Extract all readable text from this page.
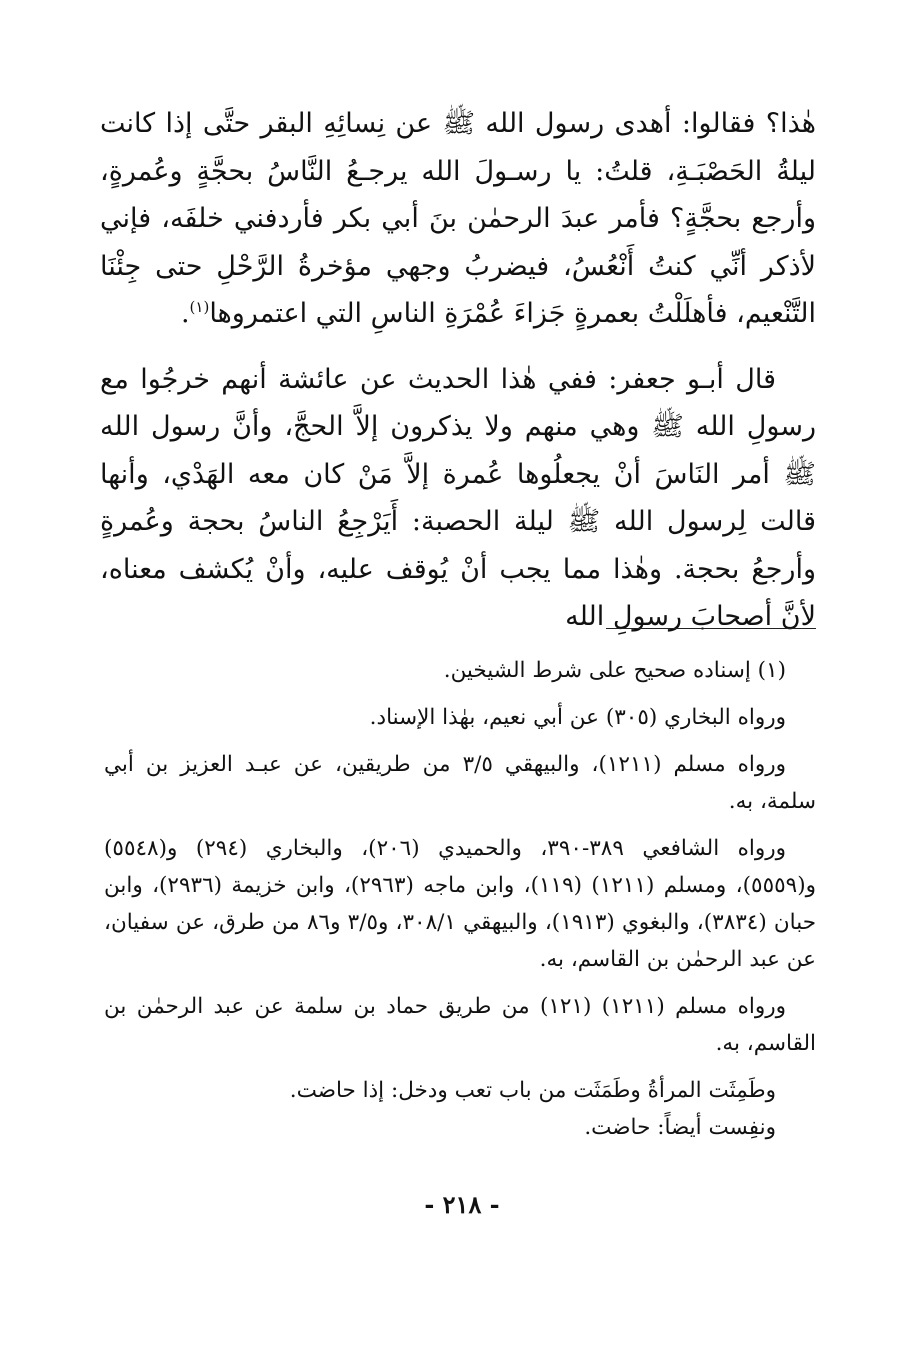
هٰذا؟ فقالوا: أهدى رسول الله ﷺ عن نِسائِهِ البقر حتَّى إذا كانت ليلةُ الحَصْبَـةِ، قلتُ: يا رسـولَ الله يرجـعُ النَّاسُ بحجَّةٍ وعُمرةٍ، وأرجع بحجَّةٍ؟ فأمر عبدَ الرحمٰن بنَ أبي بكر فأردفني خلفَه، فإني لأذكر أنِّي كنتُ أَنْعُسُ، فيضربُ وجهي مؤخرةُ الرَّحْلِ حتى جِئْنَا التَّنْعيم، فأهلَلْتُ بعمرةٍ جَزاءَ عُمْرَةِ الناسِ التي اعتمروها$^{(١)}$.

قال أبـو جعفر: ففي هٰذا الحديث عن عائشة أنهم خرجُوا مع رسولِ الله ﷺ وهي منهم ولا يذكرون إلاَّ الحجَّ، وأنَّ رسول الله ﷺ أمر النَاسَ أنْ يجعلُوها عُمرة إلاَّ مَنْ كان معه الهَدْي، وأنها قالت لِرسول الله ﷺ ليلة الحصبة: أَيَرْجِعُ الناسُ بحجة وعُمرةٍ وأرجعُ بحجة. وهٰذا مما يجب أنْ يُوقف عليه، وأنْ يُكشف معناه، لأنَّ أصحابَ رسولِ الله

(١) إسناده صحيح على شرط الشيخين.

ورواه البخاري (٣٠٥) عن أبي نعيم، بهٰذا الإسناد.

ورواه مسلم (١٢١١)، والبيهقي ٣/٥ من طريقين، عن عبـد العزيز بن أبي سلمة، به.

ورواه الشافعي ٣٨٩-٣٩٠، والحميدي (٢٠٦)، والبخاري (٢٩٤) و(٥٥٤٨) و(٥٥٥٩)، ومسلم (١٢١١) (١١٩)، وابن ماجه (٢٩٦٣)، وابن خزيمة (٢٩٣٦)، وابن حبان (٣٨٣٤)، والبغوي (١٩١٣)، والبيهقي ٣٠٨/١، و٣/٥ و٨٦ من طرق، عن سفيان، عن عبد الرحمٰن بن القاسم، به.

ورواه مسلم (١٢١١) (١٢١) من طريق حماد بن سلمة عن عبد الرحمٰن بن القاسم، به.

وطَمِثَت المرأةُ وطَمَثَت من باب تعب ودخل: إذا حاضت.

ونفِست أيضاً: حاضت.

- ٢١٨ -
